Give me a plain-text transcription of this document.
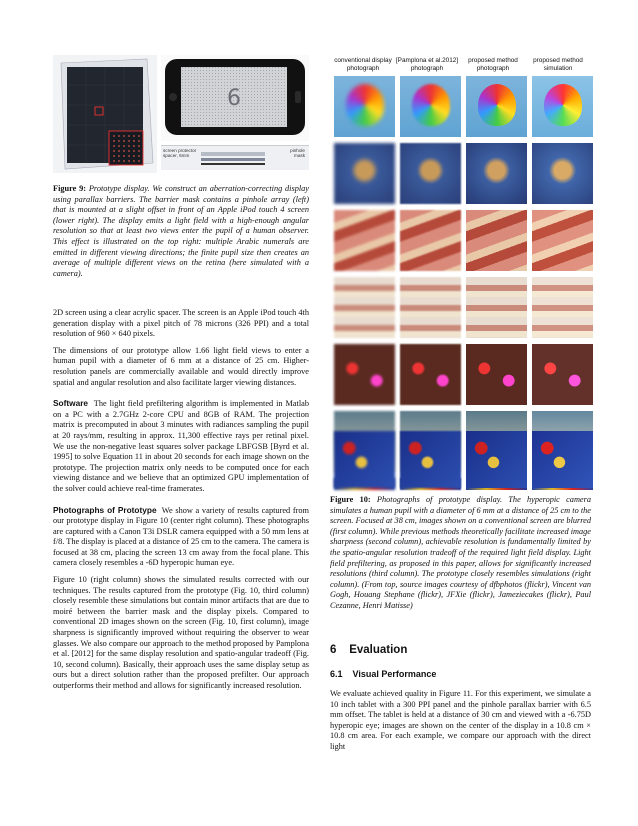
6
screen protector
spacer, 6mm
pinhole
mask
Figure 9: Prototype display. We construct an aberration-correcting display using parallax barriers. The barrier mask contains a pinhole array (left) that is mounted at a slight offset in front of an Apple iPod touch 4 screen (lower right). The display emits a light field with a high-enough angular resolution so that at least two views enter the pupil of a human observer. This effect is illustrated on the top right: multiple Arabic numerals are emitted in different viewing directions; the finite pupil size then creates an average of multiple different views on the retina (here simulated with a camera).

2D screen using a clear acrylic spacer. The screen is an Apple iPod touch 4th generation display with a pixel pitch of 78 microns (326 PPI) and a total resolution of 960 × 640 pixels.

The dimensions of our prototype allow 1.66 light field views to enter a human pupil with a diameter of 6 mm at a distance of 25 cm. Higher-resolution panels are commercially available and would directly improve spatial and angular resolution and also facilitate larger viewing distances.

Software The light field prefiltering algorithm is implemented in Matlab on a PC with a 2.7GHz 2-core CPU and 8GB of RAM. The projection matrix is precomputed in about 3 minutes with radiances sampling the pupil at 20 rays/mm, resulting in approx. 11,300 effective rays per retinal pixel. We use the non-negative least squares solver package LBFGSB [Byrd et al. 1995] to solve Equation 11 in about 20 seconds for each image shown on the prototype. The projection matrix only needs to be computed once for each viewing distance and we believe that an optimized GPU implementation of the solver could achieve real-time framerates.

Photographs of Prototype We show a variety of results captured from our prototype display in Figure 10 (center right column). These photographs are captured with a Canon T3i DSLR camera equipped with a 50 mm lens at f/8. The display is placed at a distance of 25 cm to the camera. The camera is focused at 38 cm, placing the screen 13 cm away from the focal plane. This camera closely resembles a -6D hyperopic human eye.

Figure 10 (right column) shows the simulated results corrected with our techniques. The results captured from the prototype (Fig. 10, third column) closely resemble these simulations but contain minor artifacts that are due to moiré between the barrier mask and the display pixels. Compared to conventional 2D images shown on the screen (Fig. 10, first column), image sharpness is significantly improved without requiring the observer to wear glasses. We also compare our approach to the method proposed by Pamplona et al. [2012] for the same display resolution and spatio-angular tradeoff (Fig. 10, second column). Basically, their approach uses the same display setup as ours but a direct solution rather than the proposed prefilter. Our approach outperforms their method and allows for significantly increased resolution.

conventional display photograph
[Pamplona et al.2012] photograph
proposed method photograph
proposed method simulation
Figure 10: Photographs of prototype display. The hyperopic camera simulates a human pupil with a diameter of 6 mm at a distance of 25 cm to the screen. Focused at 38 cm, images shown on a conventional screen are blurred (first column). While previous methods theoretically facilitate increased image sharpness (second column), achievable resolution is fundamentally limited by the spatio-angular resolution tradeoff of the required light field display. Light field prefiltering, as proposed in this paper, allows for significantly increased resolutions (third column). The prototype closely resembles simulations (right column). (From top, source images courtesy of dfbphotos (flickr), Vincent van Gogh, Houang Stephane (flickr), JFXie (flickr), Jameziecakes (flickr), Paul Cezanne, Henri Matisse)
6 Evaluation
6.1 Visual Performance
We evaluate achieved quality in Figure 11. For this experiment, we simulate a 10 inch tablet with a 300 PPI panel and the pinhole parallax barrier with 6.5 mm offset. The tablet is held at a distance of 30 cm and viewed with a -6.75D hyperopic eye; images are shown on the center of the display in a 10.8 cm × 10.8 cm area. For each example, we compare our approach with the direct light
